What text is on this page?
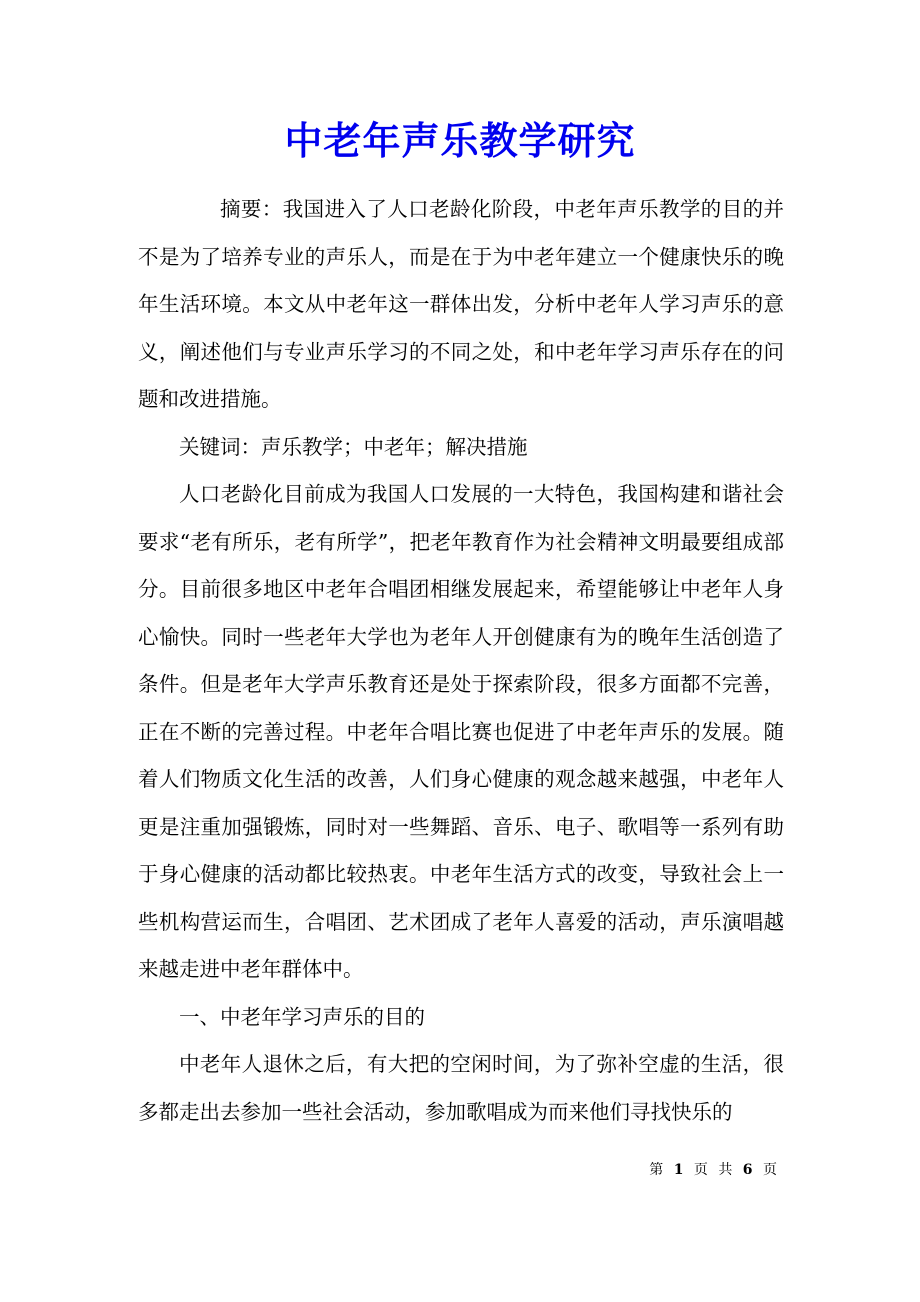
中老年声乐教学研究

摘要：我国进入了人口老龄化阶段，中老年声乐教学的目的并不是为了培养专业的声乐人，而是在于为中老年建立一个健康快乐的晚年生活环境。本文从中老年这一群体出发，分析中老年人学习声乐的意义，阐述他们与专业声乐学习的不同之处，和中老年学习声乐存在的问题和改进措施。

关键词：声乐教学；中老年；解决措施

人口老龄化目前成为我国人口发展的一大特色，我国构建和谐社会要求“老有所乐，老有所学”，把老年教育作为社会精神文明最要组成部分。目前很多地区中老年合唱团相继发展起来，希望能够让中老年人身心愉快。同时一些老年大学也为老年人开创健康有为的晚年生活创造了条件。但是老年大学声乐教育还是处于探索阶段，很多方面都不完善，正在不断的完善过程。中老年合唱比赛也促进了中老年声乐的发展。随着人们物质文化生活的改善，人们身心健康的观念越来越强，中老年人更是注重加强锻炼，同时对一些舞蹈、音乐、电子、歌唱等一系列有助于身心健康的活动都比较热衷。中老年生活方式的改变，导致社会上一些机构营运而生，合唱团、艺术团成了老年人喜爱的活动，声乐演唱越来越走进中老年群体中。

一、中老年学习声乐的目的

中老年人退休之后，有大把的空闲时间，为了弥补空虚的生活，很多都走出去参加一些社会活动，参加歌唱成为而来他们寻找快乐的

第 1 页 共 6 页
